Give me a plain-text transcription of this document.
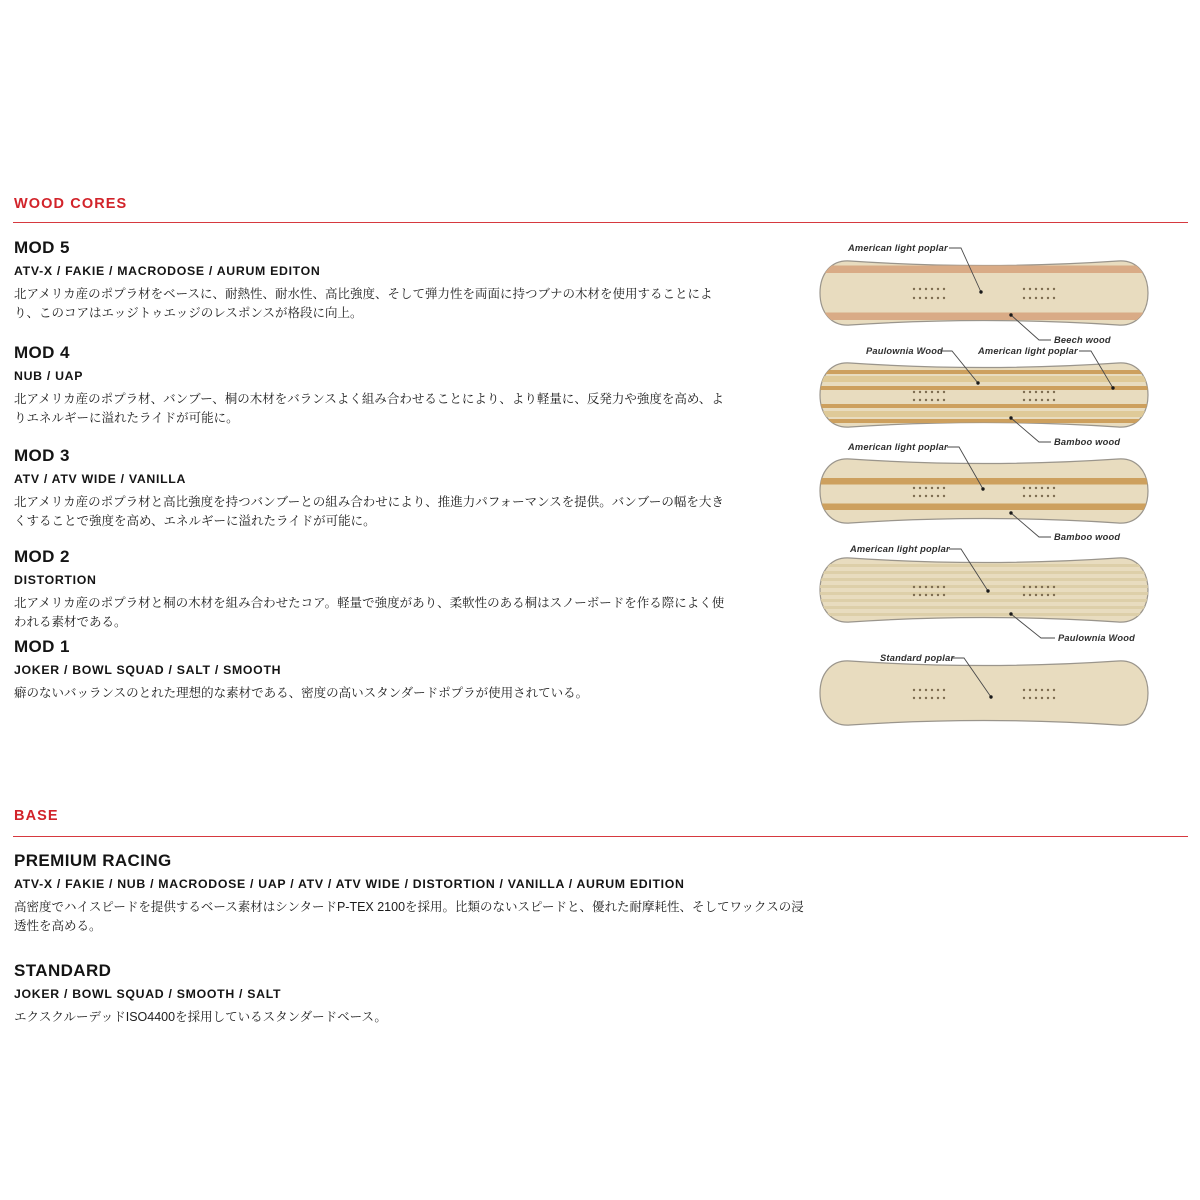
WOOD CORES
MOD 5
ATV-X / FAKIE / MACRODOSE / AURUM EDITON

北アメリカ産のポプラ材をベースに、耐熱性、耐水性、高比強度、そして弾力性を両面に持つブナの木材を使用することにより、このコアはエッジトゥエッジのレスポンスが格段に向上。

MOD 4
NUB / UAP

北アメリカ産のポプラ材、バンブー、桐の木材をバランスよく組み合わせることにより、より軽量に、反発力や強度を高め、よりエネルギーに溢れたライドが可能に。

MOD 3
ATV / ATV WIDE / VANILLA

北アメリカ産のポプラ材と高比強度を持つバンブーとの組み合わせにより、推進力パフォーマンスを提供。バンブーの幅を大きくすることで強度を高め、エネルギーに溢れたライドが可能に。

MOD 2
DISTORTION

北アメリカ産のポプラ材と桐の木材を組み合わせたコア。軽量で強度があり、柔軟性のある桐はスノーボードを作る際によく使われる素材である。

MOD 1
JOKER / BOWL SQUAD / SALT / SMOOTH

癖のないバッランスのとれた理想的な素材である、密度の高いスタンダードポプラが使用されている。

BASE
PREMIUM RACING
ATV-X / FAKIE / NUB / MACRODOSE / UAP / ATV / ATV WIDE / DISTORTION / VANILLA / AURUM EDITION

高密度でハイスピードを提供するベース素材はシンタードP-TEX 2100を採用。比類のないスピードと、優れた耐摩耗性、そしてワックスの浸透性を高める。

STANDARD
JOKER / BOWL SQUAD / SMOOTH / SALT

エクスクルーデッドISO4400を採用しているスタンダードベース。

American light poplar
Beech wood
Paulownia Wood	American light poplar
Bamboo wood
American light poplar
Bamboo wood
American light poplar
Paulownia Wood
Standard poplar
